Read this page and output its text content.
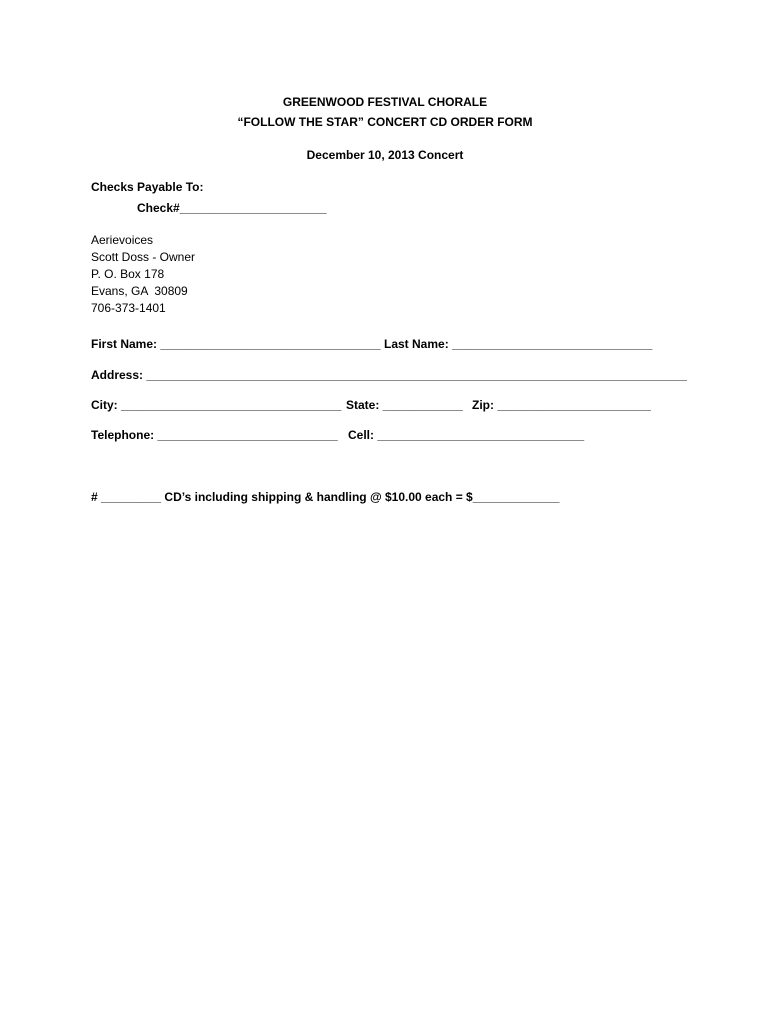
GREENWOOD FESTIVAL CHORALE
“FOLLOW THE STAR” CONCERT CD ORDER FORM
December 10, 2013 Concert
Checks Payable To:
Check#______________________
Aerievoices
Scott Doss - Owner
P. O. Box 178
Evans, GA  30809
706-373-1401
First Name: _________________________________ Last Name: ______________________________
Address: _________________________________________________________________________________
City: _________________________________ State: ____________ Zip: _______________________
Telephone: ___________________________ Cell: _______________________________
# _________ CD’s including shipping & handling @ $10.00 each = $_____________
